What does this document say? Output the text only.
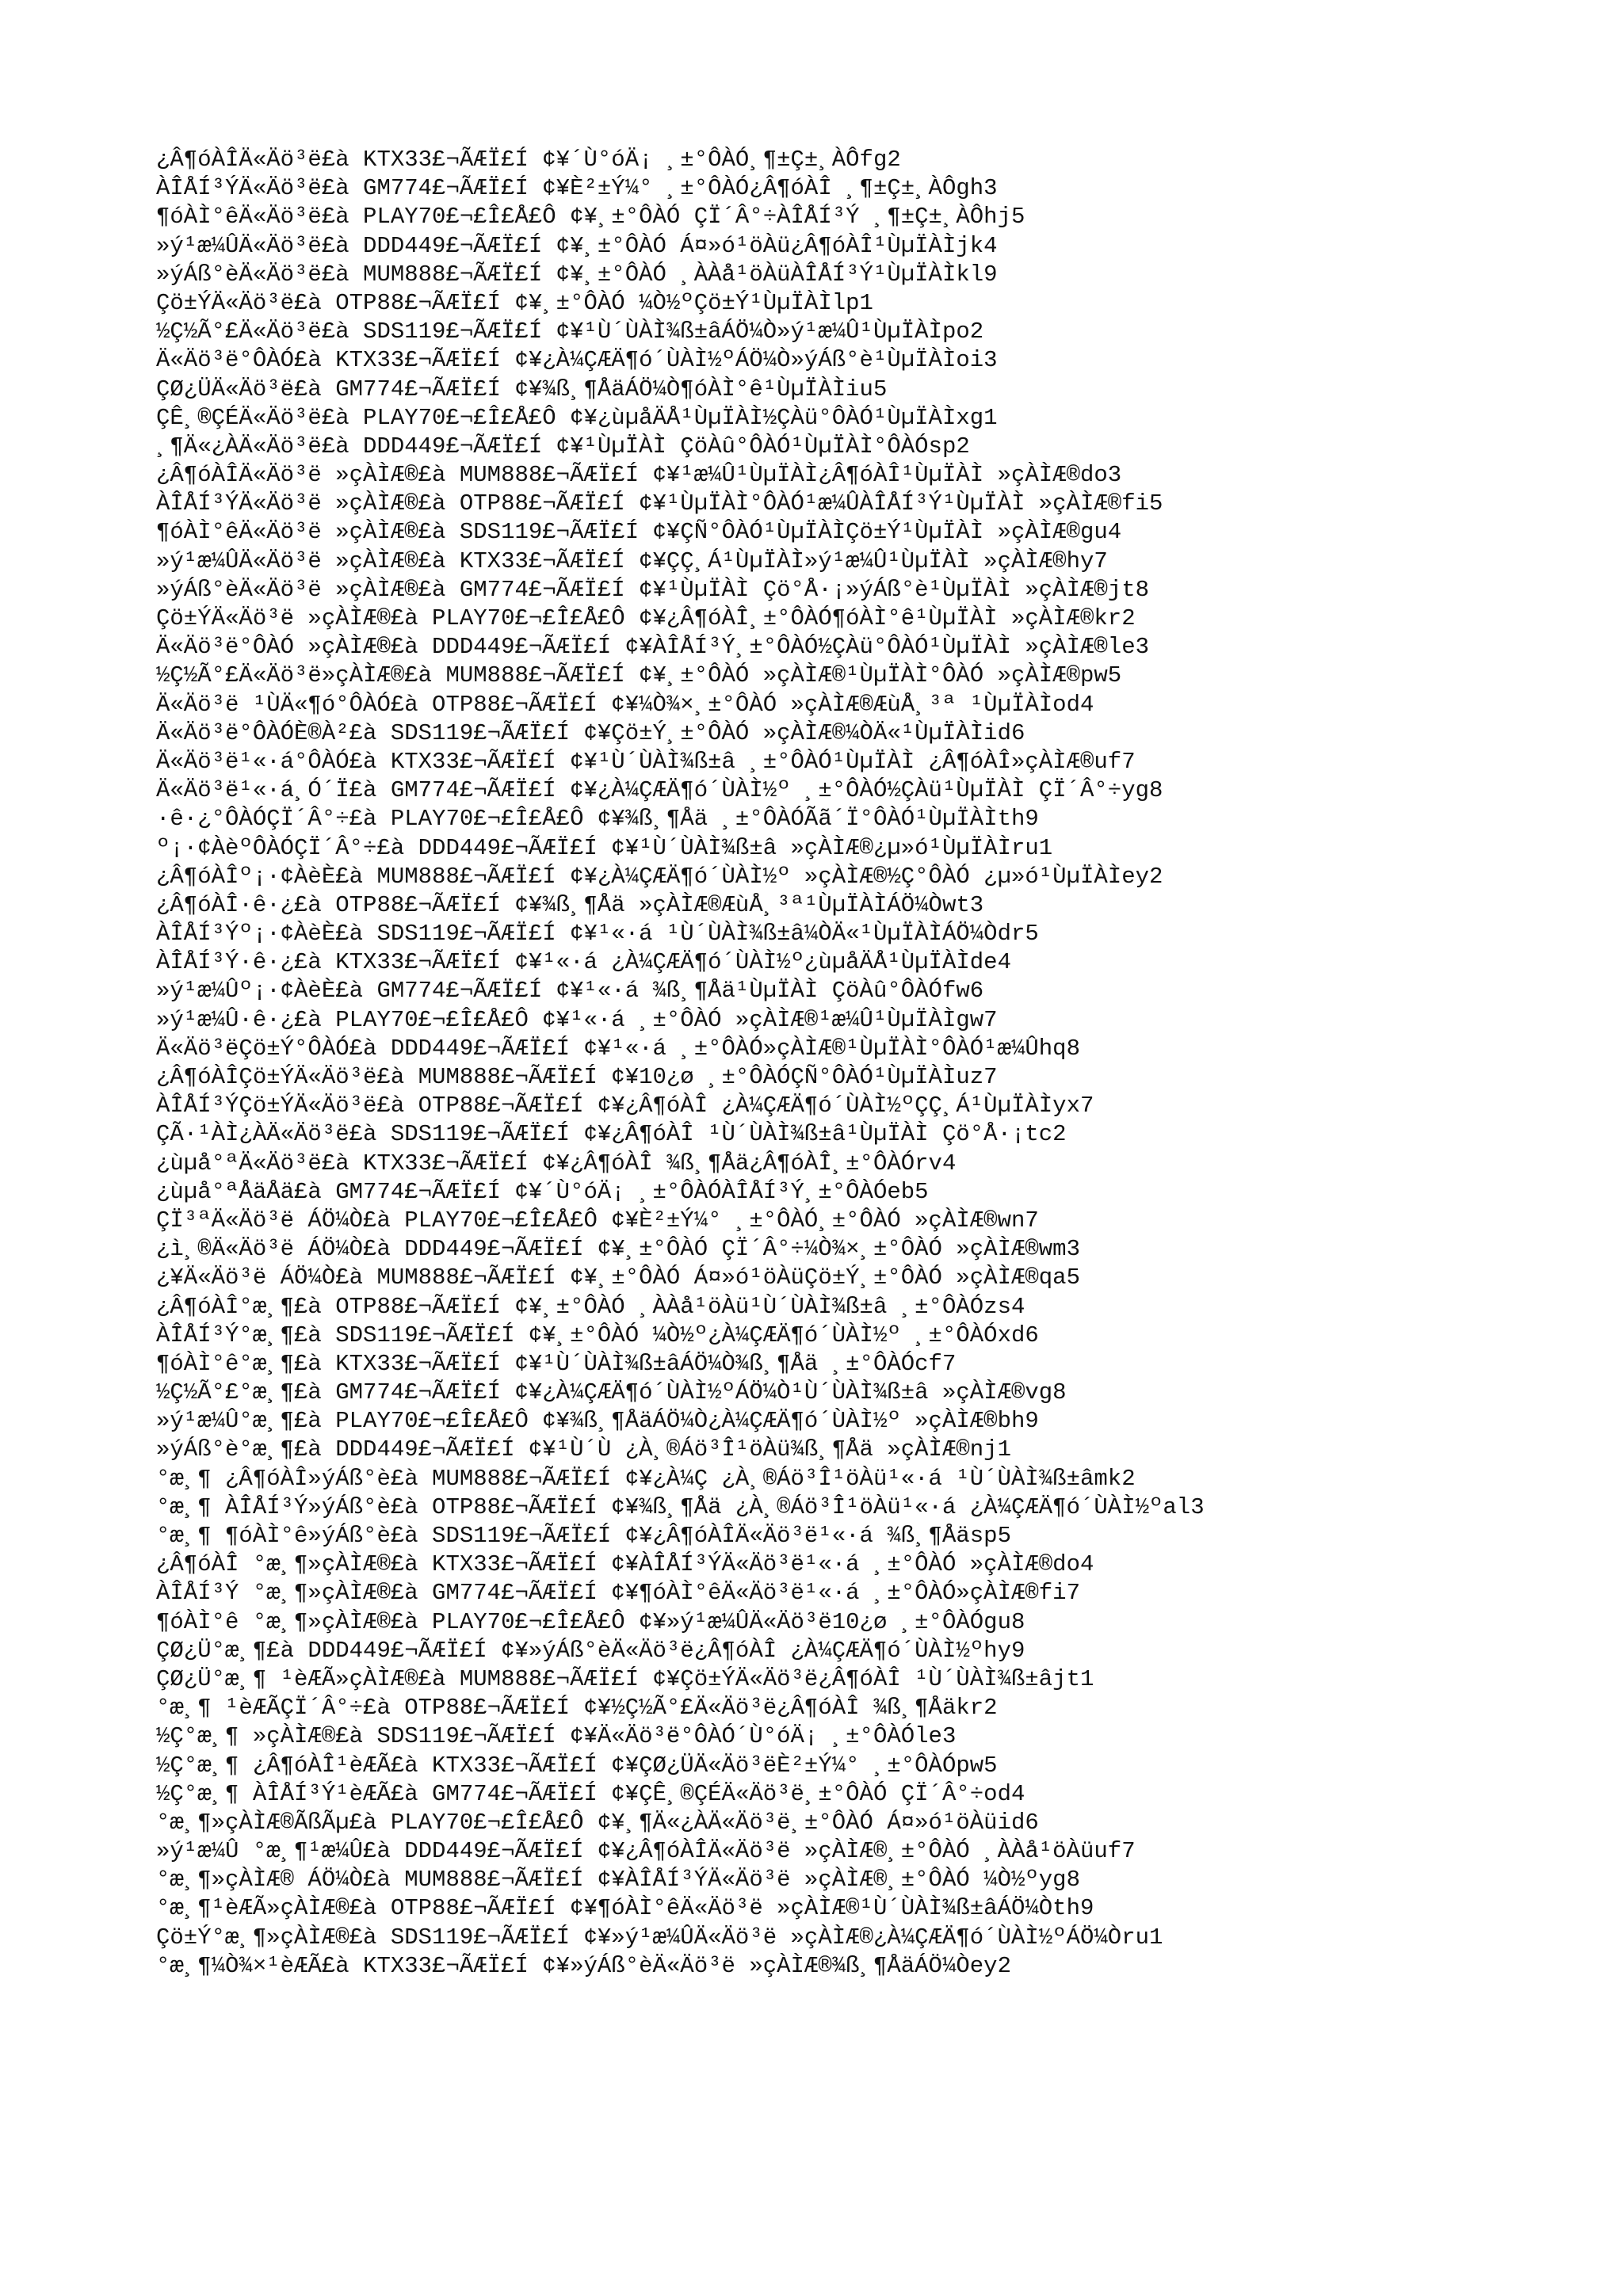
¿Â¶óÀÎÄ«Äö³ë£à KTX33£¬ÃÆÏ£Í ¢¥´Ù°óÄ¡ ¸±°ÔÀÓ¸¶±Ç±¸ÀÔfg2
ÀÎÅÍ³ÝÄ«Äö³ë£à GM774£¬ÃÆÏ£Í ¢¥È²±Ý¼° ¸±°ÔÀÓ¿Â¶óÀÎ ¸¶±Ç±¸ÀÔgh3
¶óÀÌ°êÄ«Äö³ë£à PLAY70£¬£Î£Å£Ô ¢¥¸±°ÔÀÓ ÇÏ´Â°÷ÀÎÅÍ³Ý ¸¶±Ç±¸ÀÔhj5
»ý¹æ¼ÛÄ«Äö³ë£à DDD449£¬ÃÆÏ£Í ¢¥¸±°ÔÀÓ Á¤»ó¹öÀü¿Â¶óÀÎ¹ÙµÏÀÌjk4
»ýÁß°èÄ«Äö³ë£à MUM888£¬ÃÆÏ£Í ¢¥¸±°ÔÀÓ ¸ÀÀå¹öÀüÀÎÅÍ³Ý¹ÙµÏÀÌkl9
Çö±ÝÄ«Äö³ë£à OTP88£¬ÃÆÏ£Í ¢¥¸±°ÔÀÓ ¼Ò½ºÇö±Ý¹ÙµÏÀÌlp1
½Ç½Ã°£Ä«Äö³ë£à SDS119£¬ÃÆÏ£Í ¢¥¹Ù´ÙÀÌ¾ß±âÁÖ¼Ò»ý¹æ¼Û¹ÙµÏÀÌpo2
Ä«Äö³ë°ÔÀÓ£à KTX33£¬ÃÆÏ£Í ¢¥¿À¼ÇÆÄ¶ó´ÙÀÌ½ºÁÖ¼Ò»ýÁß°è¹ÙµÏÀÌoi3
ÇØ¿ÜÄ«Äö³ë£à GM774£¬ÃÆÏ£Í ¢¥¾ß¸¶ÅäÁÖ¼Ò¶óÀÌ°ê¹ÙµÏÀÌiu5
ÇÊ¸®ÇÉÄ«Äö³ë£à PLAY70£¬£Î£Å£Ô ¢¥¿ùµåÄÅ¹ÙµÏÀÌ½ÇÀü°ÔÀÓ¹ÙµÏÀÌxg1
¸¶Ä«¿ÀÄ«Äö³ë£à DDD449£¬ÃÆÏ£Í ¢¥¹ÙµÏÀÌ ÇöÀû°ÔÀÓ¹ÙµÏÀÌ°ÔÀÓsp2
¿Â¶óÀÎÄ«Äö³ë »çÀÌÆ®£à MUM888£¬ÃÆÏ£Í ¢¥¹æ¼Û¹ÙµÏÀÌ¿Â¶óÀÎ¹ÙµÏÀÌ »çÀÌÆ®do3
ÀÎÅÍ³ÝÄ«Äö³ë »çÀÌÆ®£à OTP88£¬ÃÆÏ£Í ¢¥¹ÙµÏÀÌ°ÔÀÓ¹æ¼ÛÀÎÅÍ³Ý¹ÙµÏÀÌ »çÀÌÆ®fi5
¶óÀÌ°êÄ«Äö³ë »çÀÌÆ®£à SDS119£¬ÃÆÏ£Í ¢¥ÇÑ°ÔÀÓ¹ÙµÏÀÌÇö±Ý¹ÙµÏÀÌ »çÀÌÆ®gu4
»ý¹æ¼ÛÄ«Äö³ë »çÀÌÆ®£à KTX33£¬ÃÆÏ£Í ¢¥ÇÇ¸Á¹ÙµÏÀÌ»ý¹æ¼Û¹ÙµÏÀÌ »çÀÌÆ®hy7
»ýÁß°èÄ«Äö³ë »çÀÌÆ®£à GM774£¬ÃÆÏ£Í ¢¥¹ÙµÏÀÌ Çö°Å·¡»ýÁß°è¹ÙµÏÀÌ »çÀÌÆ®jt8
Çö±ÝÄ«Äö³ë »çÀÌÆ®£à PLAY70£¬£Î£Å£Ô ¢¥¿Â¶óÀÎ¸±°ÔÀÓ¶óÀÌ°ê¹ÙµÏÀÌ »çÀÌÆ®kr2
Ä«Äö³ë°ÔÀÓ »çÀÌÆ®£à DDD449£¬ÃÆÏ£Í ¢¥ÀÎÅÍ³Ý¸±°ÔÀÓ½ÇÀü°ÔÀÓ¹ÙµÏÀÌ »çÀÌÆ®le3
½Ç½Ã°£Ä«Äö³ë»çÀÌÆ®£à MUM888£¬ÃÆÏ£Í ¢¥¸±°ÔÀÓ »çÀÌÆ®¹ÙµÏÀÌ°ÔÀÓ »çÀÌÆ®pw5
Ä«Äö³ë ¹ÙÄ«¶ó°ÔÀÓ£à OTP88£¬ÃÆÏ£Í ¢¥¼Ò¾×¸±°ÔÀÓ »çÀÌÆ®ÆùÅ¸³ª ¹ÙµÏÀÌod4
Ä«Äö³ë°ÔÀÓÈ®À²£à SDS119£¬ÃÆÏ£Í ¢¥Çö±Ý¸±°ÔÀÓ »çÀÌÆ®¼ÒÄ«¹ÙµÏÀÌid6
Ä«Äö³ë¹«·á°ÔÀÓ£à KTX33£¬ÃÆÏ£Í ¢¥¹Ù´ÙÀÌ¾ß±â ¸±°ÔÀÓ¹ÙµÏÀÌ ¿Â¶óÀÎ»çÀÌÆ®uf7
Ä«Äö³ë¹«·á¸Ó´Ï£à GM774£¬ÃÆÏ£Í ¢¥¿À¼ÇÆÄ¶ó´ÙÀÌ½º ¸±°ÔÀÓ½ÇÀü¹ÙµÏÀÌ ÇÏ´Â°÷yg8
·ê·¿°ÔÀÓÇÏ´Â°÷£à PLAY70£¬£Î£Å£Ô ¢¥¾ß¸¶Åä ¸±°ÔÀÓÃã´Ï°ÔÀÓ¹ÙµÏÀÌth9
º¡·¢ÀèºÔÀÓÇÏ´Â°÷£à DDD449£¬ÃÆÏ£Í ¢¥¹Ù´ÙÀÌ¾ß±â »çÀÌÆ®¿µ»ó¹ÙµÏÀÌru1
¿Â¶óÀÎº¡·¢ÀèÈ£à MUM888£¬ÃÆÏ£Í ¢¥¿À¼ÇÆÄ¶ó´ÙÀÌ½º »çÀÌÆ®½Ç°ÔÀÓ ¿µ»ó¹ÙµÏÀÌey2
¿Â¶óÀÎ·ê·¿£à OTP88£¬ÃÆÏ£Í ¢¥¾ß¸¶Åä »çÀÌÆ®ÆùÅ¸³ª¹ÙµÏÀÌÁÖ¼Òwt3
ÀÎÅÍ³Ýº¡·¢ÀèÈ£à SDS119£¬ÃÆÏ£Í ¢¥¹«·á ¹Ù´ÙÀÌ¾ß±â¼ÒÄ«¹ÙµÏÀÌÁÖ¼Òdr5
ÀÎÅÍ³Ý·ê·¿£à KTX33£¬ÃÆÏ£Í ¢¥¹«·á ¿À¼ÇÆÄ¶ó´ÙÀÌ½º¿ùµåÄÅ¹ÙµÏÀÌde4
»ý¹æ¼Ûº¡·¢ÀèÈ£à GM774£¬ÃÆÏ£Í ¢¥¹«·á ¾ß¸¶Åä¹ÙµÏÀÌ ÇöÀû°ÔÀÓfw6
»ý¹æ¼Û·ê·¿£à PLAY70£¬£Î£Å£Ô ¢¥¹«·á ¸±°ÔÀÓ »çÀÌÆ®¹æ¼Û¹ÙµÏÀÌgw7
Ä«Äö³ëÇö±Ý°ÔÀÓ£à DDD449£¬ÃÆÏ£Í ¢¥¹«·á ¸±°ÔÀÓ»çÀÌÆ®¹ÙµÏÀÌ°ÔÀÓ¹æ¼Ûhq8
¿Â¶óÀÎÇö±ÝÄ«Äö³ë£à MUM888£¬ÃÆÏ£Í ¢¥10¿ø ¸±°ÔÀÓÇÑ°ÔÀÓ¹ÙµÏÀÌuz7
ÀÎÅÍ³ÝÇö±ÝÄ«Äö³ë£à OTP88£¬ÃÆÏ£Í ¢¥¿Â¶óÀÎ ¿À¼ÇÆÄ¶ó´ÙÀÌ½ºÇÇ¸Á¹ÙµÏÀÌyx7
ÇÃ·¹ÀÌ¿ÀÄ«Äö³ë£à SDS119£¬ÃÆÏ£Í ¢¥¿Â¶óÀÎ ¹Ù´ÙÀÌ¾ß±â¹ÙµÏÀÌ Çö°Å·¡tc2
¿ùµå°ªÄ«Äö³ë£à KTX33£¬ÃÆÏ£Í ¢¥¿Â¶óÀÎ ¾ß¸¶Åä¿Â¶óÀÎ¸±°ÔÀÓrv4
¿ùµå°ªÅäÅä£à GM774£¬ÃÆÏ£Í ¢¥´Ù°óÄ¡ ¸±°ÔÀÓÀÎÅÍ³Ý¸±°ÔÀÓeb5
ÇÏ³ªÄ«Äö³ë ÁÖ¼Ò£à PLAY70£¬£Î£Å£Ô ¢¥È²±Ý¼° ¸±°ÔÀÓ¸±°ÔÀÓ »çÀÌÆ®wn7
¿ì¸®Ä«Äö³ë ÁÖ¼Ò£à DDD449£¬ÃÆÏ£Í ¢¥¸±°ÔÀÓ ÇÏ´Â°÷¼Ò¾×¸±°ÔÀÓ »çÀÌÆ®wm3
¿¥Ä«Äö³ë ÁÖ¼Ò£à MUM888£¬ÃÆÏ£Í ¢¥¸±°ÔÀÓ Á¤»ó¹öÀüÇö±Ý¸±°ÔÀÓ »çÀÌÆ®qa5
¿Â¶óÀÎ°æ¸¶£à OTP88£¬ÃÆÏ£Í ¢¥¸±°ÔÀÓ ¸ÀÀå¹öÀü¹Ù´ÙÀÌ¾ß±â ¸±°ÔÀÓzs4
ÀÎÅÍ³Ý°æ¸¶£à SDS119£¬ÃÆÏ£Í ¢¥¸±°ÔÀÓ ¼Ò½º¿À¼ÇÆÄ¶ó´ÙÀÌ½º ¸±°ÔÀÓxd6
¶óÀÌ°ê°æ¸¶£à KTX33£¬ÃÆÏ£Í ¢¥¹Ù´ÙÀÌ¾ß±âÁÖ¼Ò¾ß¸¶Åä ¸±°ÔÀÓcf7
½Ç½Ã°£°æ¸¶£à GM774£¬ÃÆÏ£Í ¢¥¿À¼ÇÆÄ¶ó´ÙÀÌ½ºÁÖ¼Ò¹Ù´ÙÀÌ¾ß±â »çÀÌÆ®vg8
»ý¹æ¼Û°æ¸¶£à PLAY70£¬£Î£Å£Ô ¢¥¾ß¸¶ÅäÁÖ¼Ò¿À¼ÇÆÄ¶ó´ÙÀÌ½º »çÀÌÆ®bh9
»ýÁß°è°æ¸¶£à DDD449£¬ÃÆÏ£Í ¢¥¹Ù´Ù ¿À¸®Áö³Î¹öÀü¾ß¸¶Åä »çÀÌÆ®nj1
°æ¸¶ ¿Â¶óÀÎ»ýÁß°è£à MUM888£¬ÃÆÏ£Í ¢¥¿À¼Ç ¿À¸®Áö³Î¹öÀü¹«·á ¹Ù´ÙÀÌ¾ß±âmk2
°æ¸¶ ÀÎÅÍ³Ý»ýÁß°è£à OTP88£¬ÃÆÏ£Í ¢¥¾ß¸¶Åä ¿À¸®Áö³Î¹öÀü¹«·á ¿À¼ÇÆÄ¶ó´ÙÀÌ½ºal3
°æ¸¶ ¶óÀÌ°ê»ýÁß°è£à SDS119£¬ÃÆÏ£Í ¢¥¿Â¶óÀÎÄ«Äö³ë¹«·á ¾ß¸¶Åäsp5
¿Â¶óÀÎ °æ¸¶»çÀÌÆ®£à KTX33£¬ÃÆÏ£Í ¢¥ÀÎÅÍ³ÝÄ«Äö³ë¹«·á ¸±°ÔÀÓ »çÀÌÆ®do4
ÀÎÅÍ³Ý °æ¸¶»çÀÌÆ®£à GM774£¬ÃÆÏ£Í ¢¥¶óÀÌ°êÄ«Äö³ë¹«·á ¸±°ÔÀÓ»çÀÌÆ®fi7
¶óÀÌ°ê °æ¸¶»çÀÌÆ®£à PLAY70£¬£Î£Å£Ô ¢¥»ý¹æ¼ÛÄ«Äö³ë10¿ø ¸±°ÔÀÓgu8
ÇØ¿Ü°æ¸¶£à DDD449£¬ÃÆÏ£Í ¢¥»ýÁß°èÄ«Äö³ë¿Â¶óÀÎ ¿À¼ÇÆÄ¶ó´ÙÀÌ½ºhy9
ÇØ¿Ü°æ¸¶ ¹èÆÃ»çÀÌÆ®£à MUM888£¬ÃÆÏ£Í ¢¥Çö±ÝÄ«Äö³ë¿Â¶óÀÎ ¹Ù´ÙÀÌ¾ß±âjt1
°æ¸¶ ¹èÆÃÇÏ´Â°÷£à OTP88£¬ÃÆÏ£Í ¢¥½Ç½Ã°£Ä«Äö³ë¿Â¶óÀÎ ¾ß¸¶Åäkr2
½Ç°æ¸¶ »çÀÌÆ®£à SDS119£¬ÃÆÏ£Í ¢¥Ä«Äö³ë°ÔÀÓ´Ù°óÄ¡ ¸±°ÔÀÓle3
½Ç°æ¸¶ ¿Â¶óÀÎ¹èÆÃ£à KTX33£¬ÃÆÏ£Í ¢¥ÇØ¿ÜÄ«Äö³ëÈ²±Ý¼° ¸±°ÔÀÓpw5
½Ç°æ¸¶ ÀÎÅÍ³Ý¹èÆÃ£à GM774£¬ÃÆÏ£Í ¢¥ÇÊ¸®ÇÉÄ«Äö³ë¸±°ÔÀÓ ÇÏ´Â°÷od4
°æ¸¶»çÀÌÆ®ÃßÃµ£à PLAY70£¬£Î£Å£Ô ¢¥¸¶Ä«¿ÀÄ«Äö³ë¸±°ÔÀÓ Á¤»ó¹öÀüid6
»ý¹æ¼Û °æ¸¶¹æ¼Û£à DDD449£¬ÃÆÏ£Í ¢¥¿Â¶óÀÎÄ«Äö³ë »çÀÌÆ®¸±°ÔÀÓ ¸ÀÀå¹öÀüuf7
°æ¸¶»çÀÌÆ® ÁÖ¼Ò£à MUM888£¬ÃÆÏ£Í ¢¥ÀÎÅÍ³ÝÄ«Äö³ë »çÀÌÆ®¸±°ÔÀÓ ¼Ò½ºyg8
°æ¸¶¹èÆÃ»çÀÌÆ®£à OTP88£¬ÃÆÏ£Í ¢¥¶óÀÌ°êÄ«Äö³ë »çÀÌÆ®¹Ù´ÙÀÌ¾ß±âÁÖ¼Òth9
Çö±Ý°æ¸¶»çÀÌÆ®£à SDS119£¬ÃÆÏ£Í ¢¥»ý¹æ¼ÛÄ«Äö³ë »çÀÌÆ®¿À¼ÇÆÄ¶ó´ÙÀÌ½ºÁÖ¼Òru1
°æ¸¶¼Ò¾×¹èÆÃ£à KTX33£¬ÃÆÏ£Í ¢¥»ýÁß°èÄ«Äö³ë »çÀÌÆ®¾ß¸¶ÅäÁÖ¼Òey2
